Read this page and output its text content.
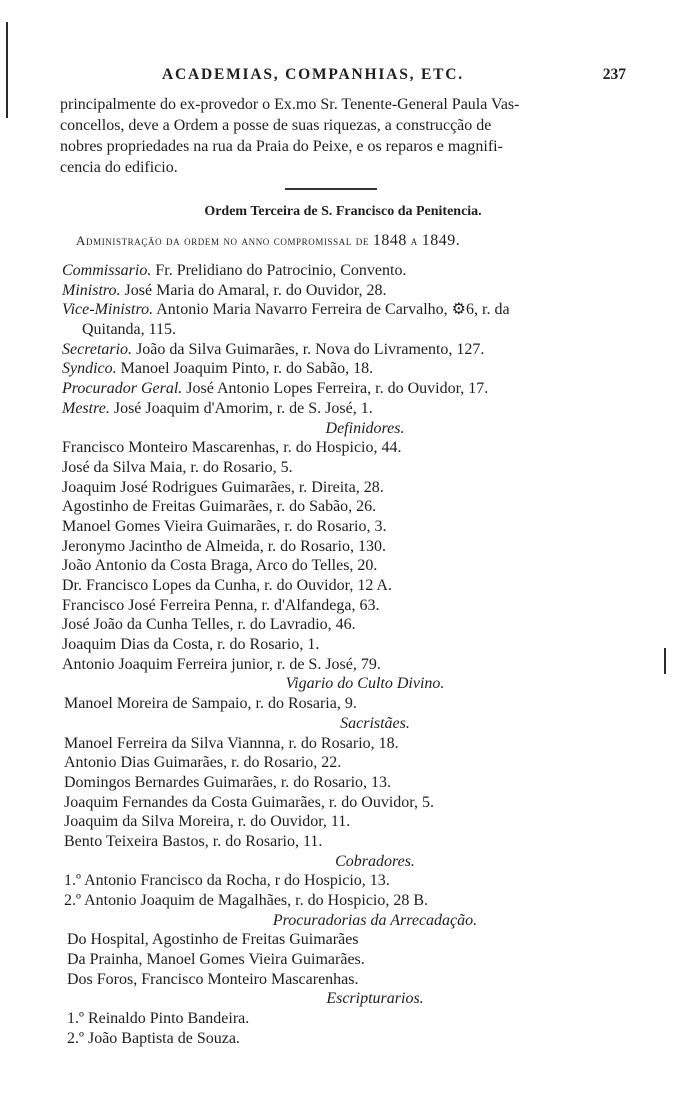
ACADEMIAS, COMPANHIAS, ETC.	237
principalmente do ex-provedor o Ex.mo Sr. Tenente-General Paula Vas-
concellos, deve a Ordem a posse de suas riquezas, a construcção de
nobres propriedades na rua da Praia do Peixe, e os reparos e magnifi-
cencia do edificio.
Ordem Terceira de S. Francisco da Penitencia.
Administração da ordem no anno compromissal de 1848 a 1849.
Commissario. Fr. Prelidiano do Patrocinio, Convento.
Ministro. José Maria do Amaral, r. do Ouvidor, 28.
Vice-Ministro. Antonio Maria Navarro Ferreira de Carvalho, ⚙6, r. da
Quitanda, 115.
Secretario. João da Silva Guimarães, r. Nova do Livramento, 127.
Syndico. Manoel Joaquim Pinto, r. do Sabão, 18.
Procurador Geral. José Antonio Lopes Ferreira, r. do Ouvidor, 17.
Mestre. José Joaquim d'Amorim, r. de S. José, 1.
Definidores.
Francisco Monteiro Mascarenhas, r. do Hospicio, 44.
José da Silva Maia, r. do Rosario, 5.
Joaquim José Rodrigues Guimarães, r. Direita, 28.
Agostinho de Freitas Guimarães, r. do Sabão, 26.
Manoel Gomes Vieira Guimarães, r. do Rosario, 3.
Jeronymo Jacintho de Almeida, r. do Rosario, 130.
João Antonio da Costa Braga, Arco do Telles, 20.
Dr. Francisco Lopes da Cunha, r. do Ouvidor, 12 A.
Francisco José Ferreira Penna, r. d'Alfandega, 63.
José João da Cunha Telles, r. do Lavradio, 46.
Joaquim Dias da Costa, r. do Rosario, 1.
Antonio Joaquim Ferreira junior, r. de S. José, 79.
Vigario do Culto Divino.
Manoel Moreira de Sampaio, r. do Rosaria, 9.
Sacristães.
Manoel Ferreira da Silva Viannna, r. do Rosario, 18.
Antonio Dias Guimarães, r. do Rosario, 22.
Domingos Bernardes Guimarães, r. do Rosario, 13.
Joaquim Fernandes da Costa Guimarães, r. do Ouvidor, 5.
Joaquim da Silva Moreira, r. do Ouvidor, 11.
Bento Teixeira Bastos, r. do Rosario, 11.
Cobradores.
1.º Antonio Francisco da Rocha, r do Hospicio, 13.
2.º Antonio Joaquim de Magalhães, r. do Hospicio, 28 B.
Procuradorias da Arrecadação.
Do Hospital, Agostinho de Freitas Guimarães
Da Prainha, Manoel Gomes Vieira Guimarães.
Dos Foros, Francisco Monteiro Mascarenhas.
Escripturarios.
1.º Reinaldo Pinto Bandeira.
2.º João Baptista de Souza.
